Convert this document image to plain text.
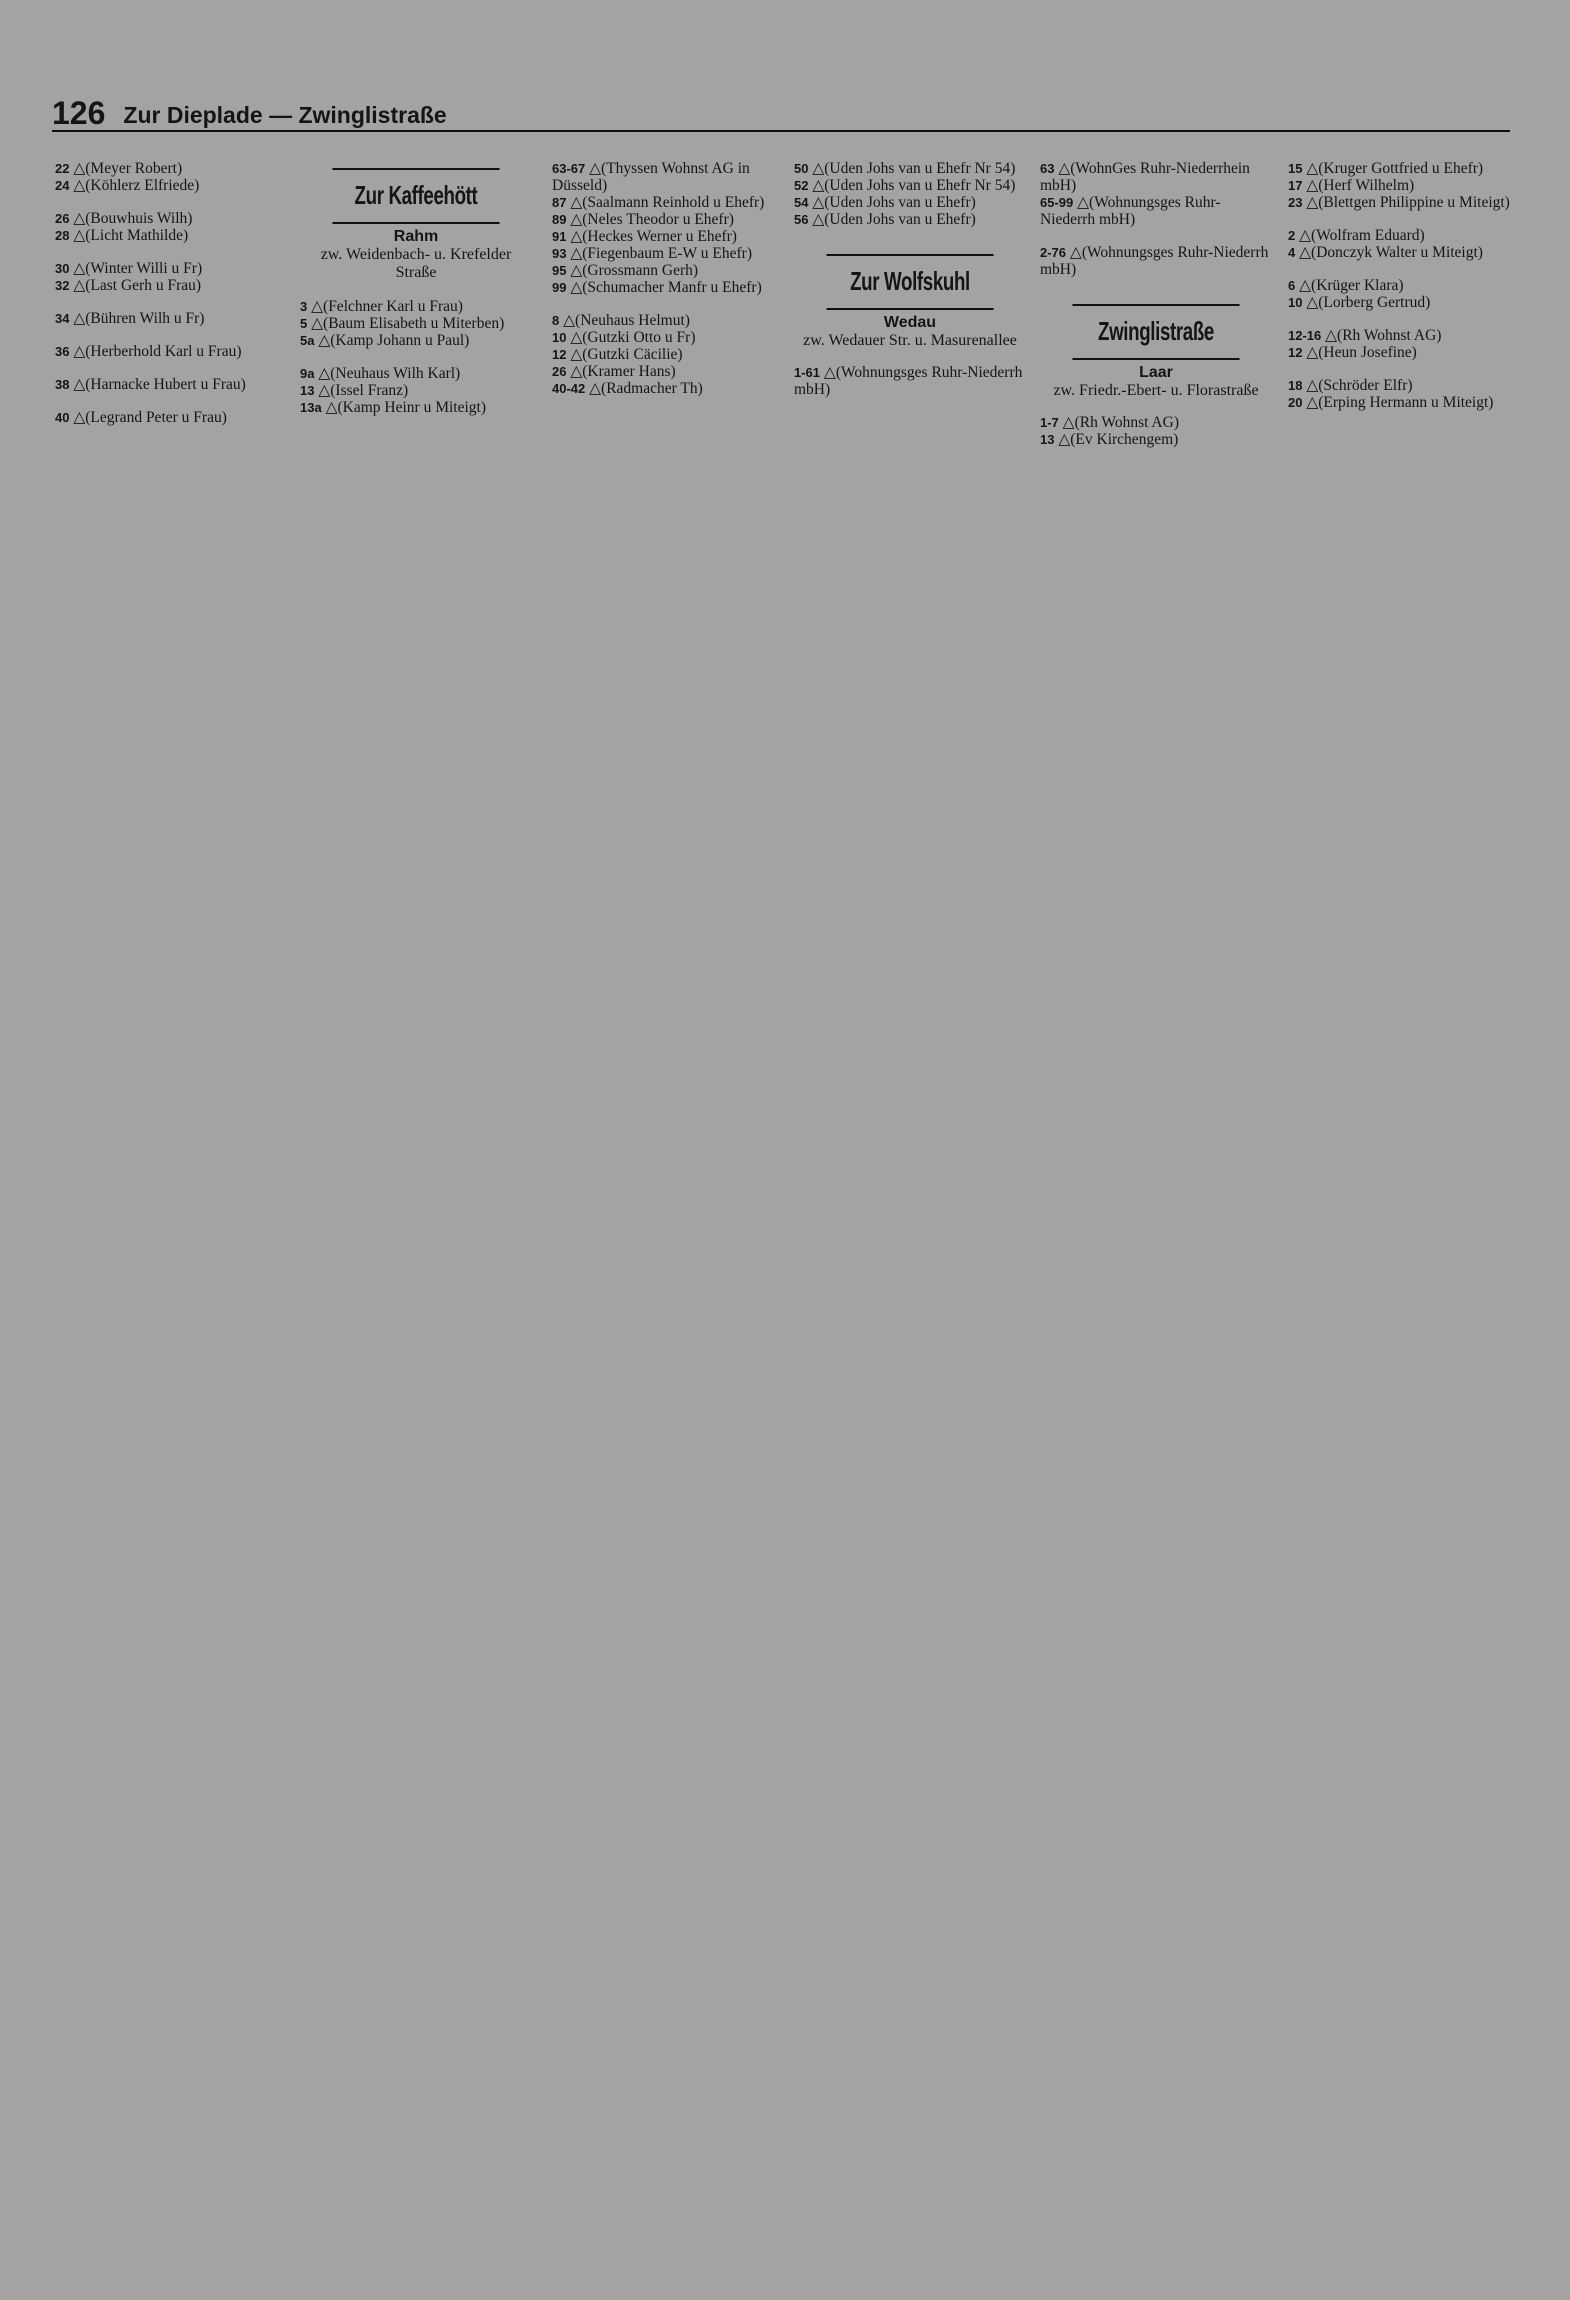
126 Zur Dieplade — Zwinglistraße
22 △(Meyer Robert)
24 △(Köhlerz Elfriede)
26 △(Bouwhuis Wilh)
28 △(Licht Mathilde)
30 △(Winter Willi u Fr)
32 △(Last Gerh u Frau)
34 △(Bühren Wilh u Fr)
36 △(Herberhold Karl u Frau)
38 △(Harnacke Hubert u Frau)
40 △(Legrand Peter u Frau)
Zur Kaffeehött
Rahm
zw. Weidenbach- u. Krefelder Straße
3 △(Felchner Karl u Frau)
5 △(Baum Elisabeth u Miterben)
5a △(Kamp Johann u Paul)
9a △(Neuhaus Wilh Karl)
13 △(Issel Franz)
13a △(Kamp Heinr u Miteigt)
63-67 △(Thyssen Wohnst AG in Düsseld)
87 △(Saalmann Reinhold u Ehefr)
89 △(Neles Theodor u Ehefr)
91 △(Heckes Werner u Ehefr)
93 △(Fiegenbaum E-W u Ehefr)
95 △(Grossmann Gerh)
99 △(Schumacher Manfr u Ehefr)
8 △(Neuhaus Helmut)
10 △(Gutzki Otto u Fr)
12 △(Gutzki Cäcilie)
26 △(Kramer Hans)
40-42 △(Radmacher Th)
50 △(Uden Johs van u Ehefr Nr 54)
52 △(Uden Johs van u Ehefr Nr 54)
54 △(Uden Johs van u Ehefr)
56 △(Uden Johs van u Ehefr)
Zur Wolfskuhl
Wedau
zw. Wedauer Str. u. Masurenallee
1-61 △(Wohnungsges Ruhr-Niederrh mbH)
63 △(WohnGes Ruhr-Niederrhein mbH)
65-99 △(Wohnungsges Ruhr-Niederrh mbH)
2-76 △(Wohnungsges Ruhr-Niederrh mbH)
Zwinglistraße
Laar
zw. Friedr.-Ebert- u. Florastraße
1-7 △(Rh Wohnst AG)
13 △(Ev Kirchengem)
15 △(Kruger Gottfried u Ehefr)
17 △(Herf Wilhelm)
23 △(Blettgen Philippine u Miteigt)
2 △(Wolfram Eduard)
4 △(Donczyk Walter u Miteigt)
6 △(Krüger Klara)
10 △(Lorberg Gertrud)
12-16 △(Rh Wohnst AG)
12 △(Heun Josefine)
18 △(Schröder Elfr)
20 △(Erping Hermann u Miteigt)
